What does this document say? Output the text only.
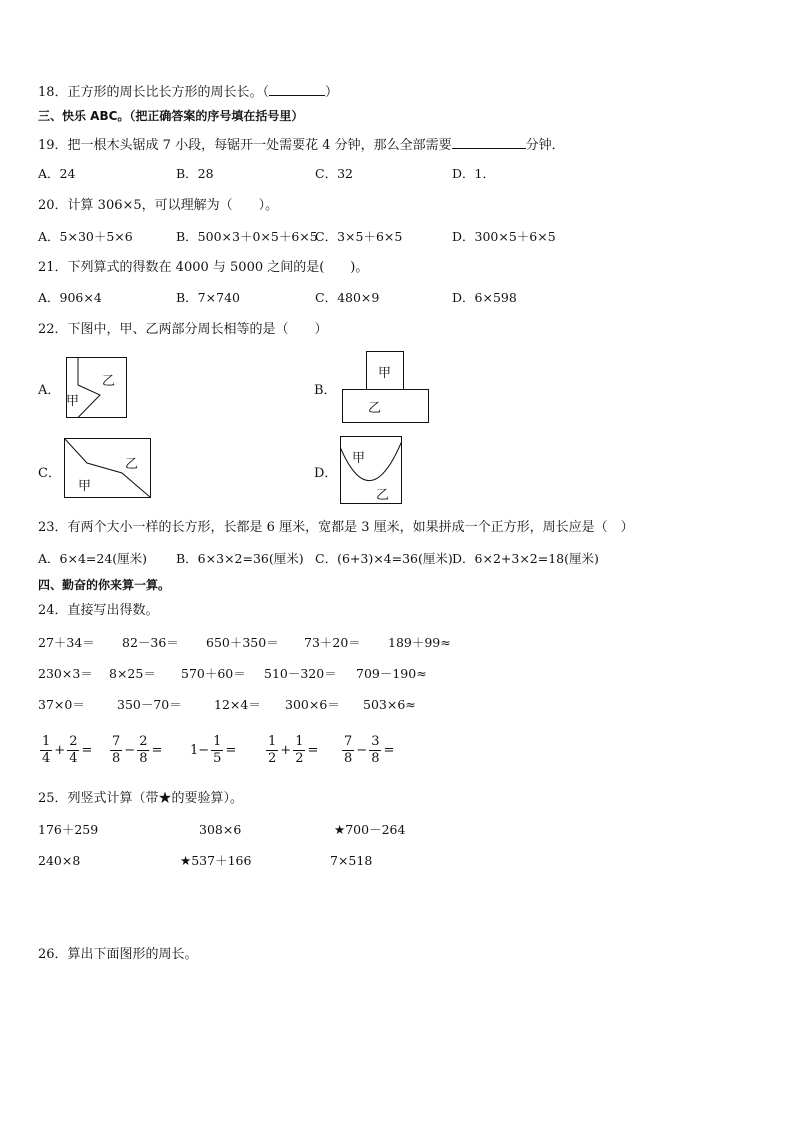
18．正方形的周长比长方形的周长长。（	）
三、快乐 ABC。（把正确答案的序号填在括号里）
19．把一根木头锯成 7 小段，每锯开一处需要花 4 分钟，那么全部需要	分钟．
A．24	B．28	C．32	D．1．
20．计算 306×5，可以理解为（　　）。
A．5×30＋5×6	B．500×3＋0×5＋6×5
C．3×5＋6×5	D．300×5＋6×5
21．下列算式的得数在 4000 与 5000 之间的是(　　)。
A．906×4	B．7×740	C．480×9	D．6×598
22．下图中，甲、乙两部分周长相等的是（　　）
A．
乙
甲
B．
甲
乙
C．
乙
甲
D．
甲
乙
23．有两个大小一样的长方形，长都是 6 厘米，宽都是 3 厘米，如果拼成一个正方形，周长应是（　）
A．6×4=24(厘米) B．6×3×2=36(厘米) C．(6+3)×4=36(厘米) D．6×2+3×2=18(厘米)
四、勤奋的你来算一算。
24．直接写出得数。
27＋34＝ 82－36＝ 650＋350＝ 73＋20＝ 189＋99≈
230×3＝ 8×25＝ 570＋60＝ 510－320＝ 709－190≈
37×0＝	350－70＝	12×4＝ 300×6＝ 503×6≈
1
4
+ $\frac{2}{4}$ =
7
8
− $\frac{2}{8} = 1- \frac{1}{5}$ =
1
2
+ $\frac{1}{2}$ =
7
8
− $\frac{3}{8}$ =
25．列竖式计算（带★的要验算）。
176＋259	308×6	★700－264
240×8	★537＋166	7×518
26．算出下面图形的周长。
